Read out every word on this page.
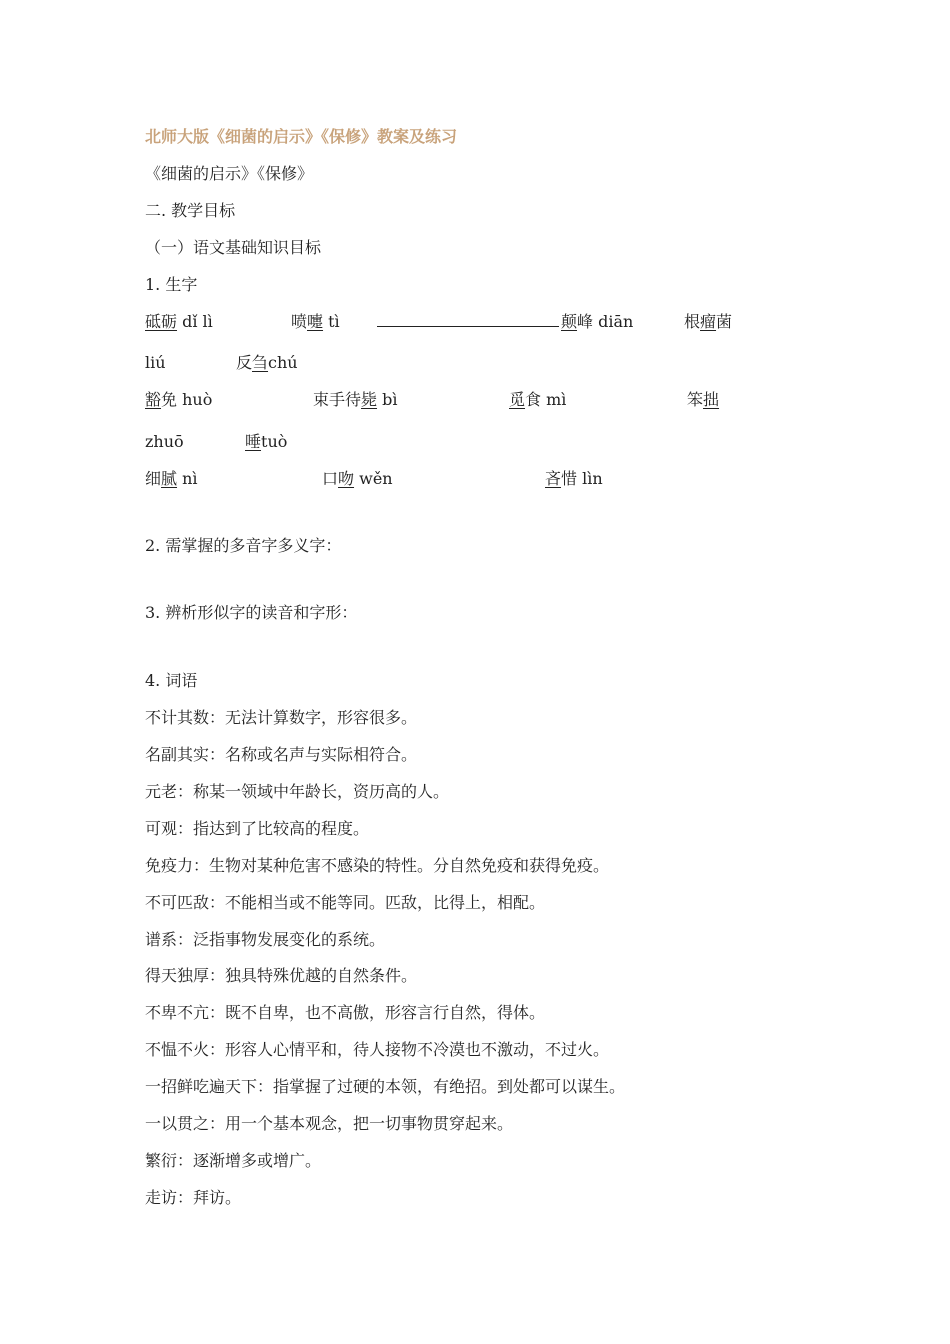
北师大版《细菌的启示》《保修》教案及练习
《细菌的启示》《保修》
二. 教学目标
（一）语文基础知识目标
1. 生字
砥砺 dǐ lì	喷嚏 tì	颠峰 diān	根瘤菌
liú	反刍chú
豁免 huò	束手待毙 bì	觅食 mì	笨拙
zhuō	唾tuò
细腻 nì	口吻 wěn	吝惜 lìn
2. 需掌握的多音字多义字：
3. 辨析形似字的读音和字形：
4. 词语
不计其数：无法计算数字，形容很多。
名副其实：名称或名声与实际相符合。
元老：称某一领域中年龄长，资历高的人。
可观：指达到了比较高的程度。
免疫力：生物对某种危害不感染的特性。分自然免疫和获得免疫。
不可匹敌：不能相当或不能等同。匹敌，比得上，相配。
谱系：泛指事物发展变化的系统。
得天独厚：独具特殊优越的自然条件。
不卑不亢：既不自卑，也不高傲，形容言行自然，得体。
不愠不火：形容人心情平和，待人接物不冷漠也不激动，不过火。
一招鲜吃遍天下：指掌握了过硬的本领，有绝招。到处都可以谋生。
一以贯之：用一个基本观念，把一切事物贯穿起来。
繁衍：逐渐增多或增广。
走访：拜访。
